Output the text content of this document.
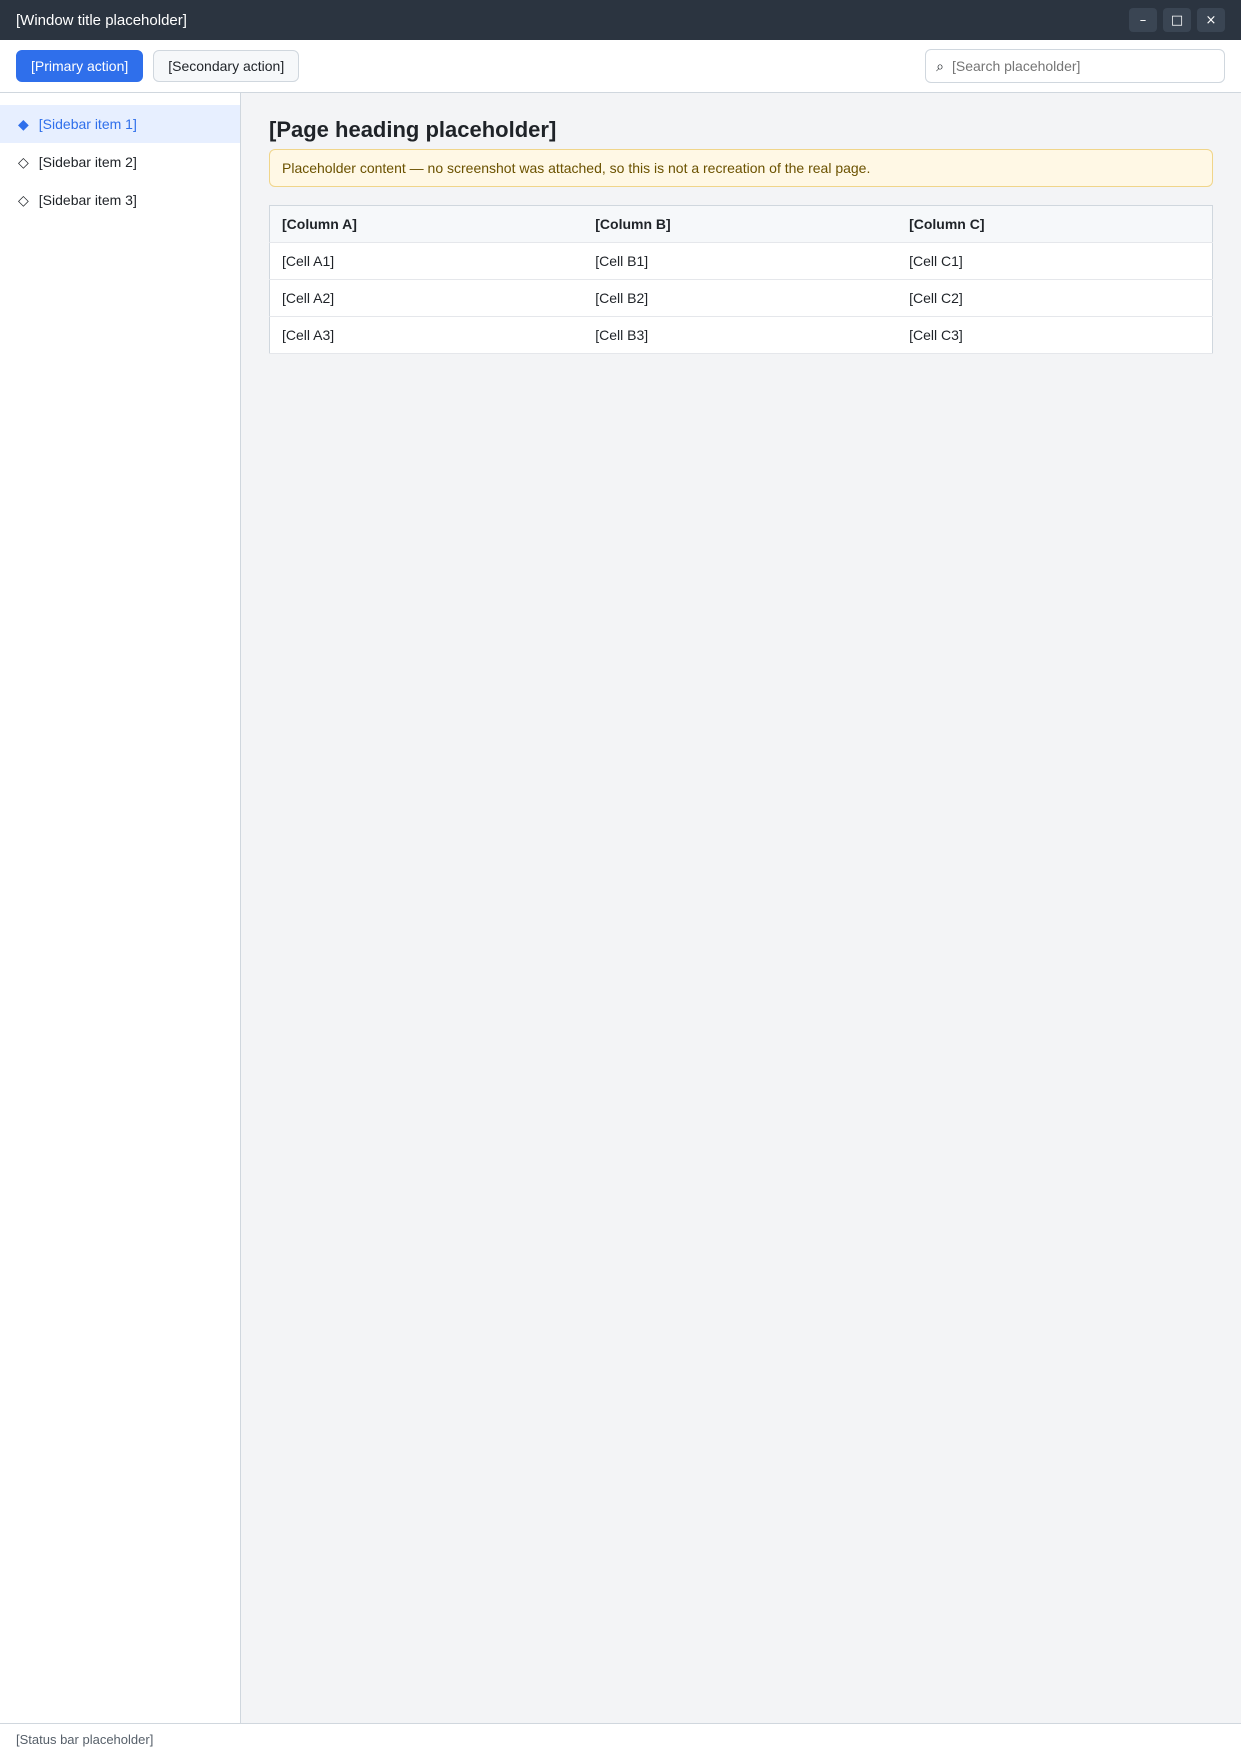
[Window title placeholder]	–	□	×
[Primary action]	[Secondary action]	⌕
[Search placeholder]
◆ [Sidebar item 1]
◇ [Sidebar item 2]
◇ [Sidebar item 3]
[Page heading placeholder]
Placeholder content — no screenshot was attached, so this is not a recreation of the real page.
[Column A]	[Column B]	[Column C]
[Cell A1]	[Cell B1]	[Cell C1]
[Cell A2]	[Cell B2]	[Cell C2]
[Cell A3]	[Cell B3]	[Cell C3]
[Status bar placeholder]
